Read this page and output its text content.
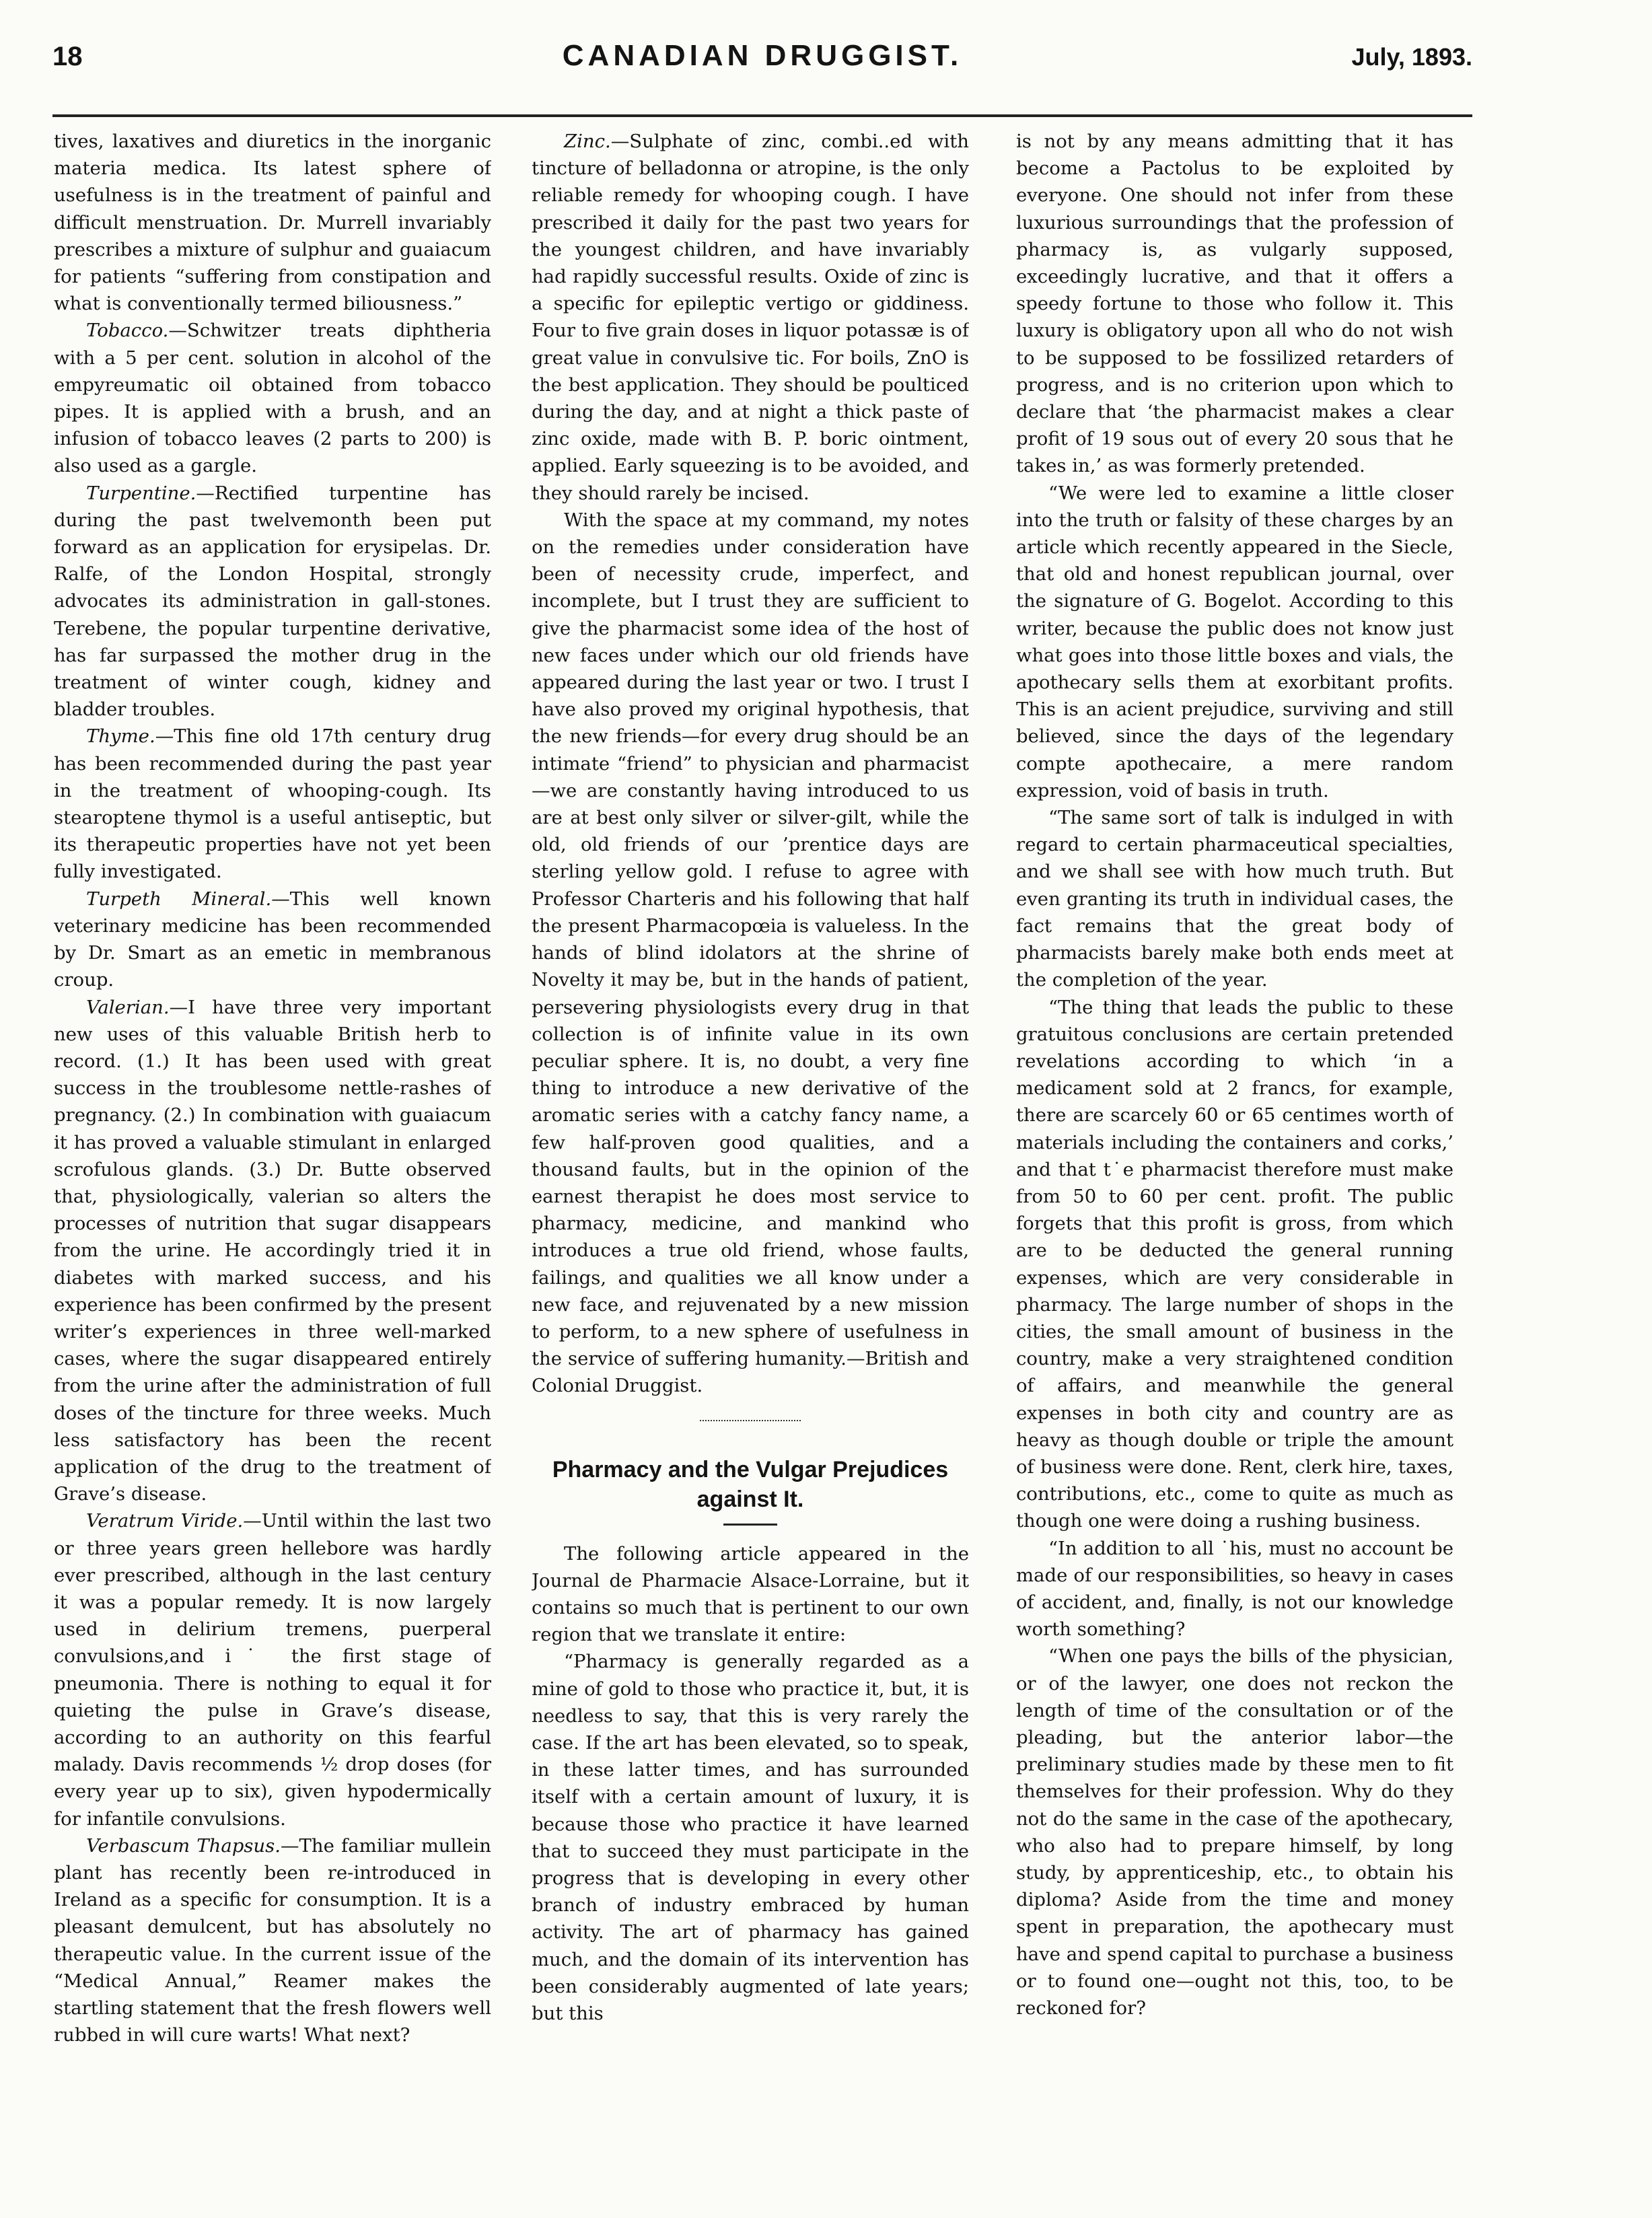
18	CANADIAN DRUGGIST.	July, 1893.

tives, laxatives and diuretics in the inorganic materia medica. Its latest sphere of usefulness is in the treatment of painful and difficult menstruation. Dr. Murrell invariably prescribes a mixture of sulphur and guaiacum for patients “suffering from constipation and what is conventionally termed biliousness.”

Tobacco.—Schwitzer treats diphtheria with a 5 per cent. solution in alcohol of the empyreumatic oil obtained from tobacco pipes. It is applied with a brush, and an infusion of tobacco leaves (2 parts to 200) is also used as a gargle.

Turpentine.—Rectified turpentine has during the past twelvemonth been put forward as an application for erysipelas. Dr. Ralfe, of the London Hospital, strongly advocates its administration in gall-stones. Terebene, the popular turpentine derivative, has far surpassed the mother drug in the treatment of winter cough, kidney and bladder troubles.

Thyme.—This fine old 17th century drug has been recommended during the past year in the treatment of whooping-cough. Its stearoptene thymol is a useful antiseptic, but its therapeutic properties have not yet been fully investigated.

Turpeth Mineral.—This well known veterinary medicine has been recommended by Dr. Smart as an emetic in membranous croup.

Valerian.—I have three very important new uses of this valuable British herb to record. (1.) It has been used with great success in the troublesome nettle-rashes of pregnancy. (2.) In combination with guaiacum it has proved a valuable stimulant in enlarged scrofulous glands. (3.) Dr. Butte observed that, physiologically, valerian so alters the processes of nutrition that sugar disappears from the urine. He accordingly tried it in diabetes with marked success, and his experience has been confirmed by the present writer’s experiences in three well-marked cases, where the sugar disappeared entirely from the urine after the administration of full doses of the tincture for three weeks. Much less satisfactory has been the recent application of the drug to the treatment of Grave’s disease.

Veratrum Viride.—Until within the last two or three years green hellebore was hardly ever prescribed, although in the last century it was a popular remedy. It is now largely used in delirium tremens, puerperal convulsions,and i˙ the first stage of pneumonia. There is nothing to equal it for quieting the pulse in Grave’s disease, according to an authority on this fearful malady. Davis recommends ½ drop doses (for every year up to six), given hypodermically for infantile convulsions.

Verbascum Thapsus.—The familiar mullein plant has recently been re-introduced in Ireland as a specific for consumption. It is a pleasant demulcent, but has absolutely no therapeutic value. In the current issue of the “Medical Annual,” Reamer makes the startling statement that the fresh flowers well rubbed in will cure warts! What next?

Zinc.—Sulphate of zinc, combi..ed with tincture of belladonna or atropine, is the only reliable remedy for whooping cough. I have prescribed it daily for the past two years for the youngest children, and have invariably had rapidly successful results. Oxide of zinc is a specific for epileptic vertigo or giddiness. Four to five grain doses in liquor potassæ is of great value in convulsive tic. For boils, ZnO is the best application. They should be poulticed during the day, and at night a thick paste of zinc oxide, made with B. P. boric ointment, applied. Early squeezing is to be avoided, and they should rarely be incised.

With the space at my command, my notes on the remedies under consideration have been of necessity crude, imperfect, and incomplete, but I trust they are sufficient to give the pharmacist some idea of the host of new faces under which our old friends have appeared during the last year or two. I trust I have also proved my original hypothesis, that the new friends—for every drug should be an intimate “friend” to physician and pharmacist—we are constantly having introduced to us are at best only silver or silver-gilt, while the old, old friends of our ’prentice days are sterling yellow gold. I refuse to agree with Professor Charteris and his following that half the present Pharmacopœia is valueless. In the hands of blind idolators at the shrine of Novelty it may be, but in the hands of patient, persevering physiologists every drug in that collection is of infinite value in its own peculiar sphere. It is, no doubt, a very fine thing to introduce a new derivative of the aromatic series with a catchy fancy name, a few half-proven good qualities, and a thousand faults, but in the opinion of the earnest therapist he does most service to pharmacy, medicine, and mankind who introduces a true old friend, whose faults, failings, and qualities we all know under a new face, and rejuvenated by a new mission to perform, to a new sphere of usefulness in the service of suffering humanity.—British and Colonial Druggist.

Pharmacy and the Vulgar Prejudices against It.

The following article appeared in the Journal de Pharmacie Alsace-Lorraine, but it contains so much that is pertinent to our own region that we translate it entire:

“Pharmacy is generally regarded as a mine of gold to those who practice it, but, it is needless to say, that this is very rarely the case. If the art has been elevated, so to speak, in these latter times, and has surrounded itself with a certain amount of luxury, it is because those who practice it have learned that to succeed they must participate in the progress that is developing in every other branch of industry embraced by human activity. The art of pharmacy has gained much, and the domain of its intervention has been considerably augmented of late years; but this

is not by any means admitting that it has become a Pactolus to be exploited by everyone. One should not infer from these luxurious surroundings that the profession of pharmacy is, as vulgarly supposed, exceedingly lucrative, and that it offers a speedy fortune to those who follow it. This luxury is obligatory upon all who do not wish to be supposed to be fossilized retarders of progress, and is no criterion upon which to declare that ‘the pharmacist makes a clear profit of 19 sous out of every 20 sous that he takes in,’ as was formerly pretended.

“We were led to examine a little closer into the truth or falsity of these charges by an article which recently appeared in the Siecle, that old and honest republican journal, over the signature of G. Bogelot. According to this writer, because the public does not know just what goes into those little boxes and vials, the apothecary sells them at exorbitant profits. This is an acient prejudice, surviving and still believed, since the days of the legendary compte apothecaire, a mere random expression, void of basis in truth.

“The same sort of talk is indulged in with regard to certain pharmaceutical specialties, and we shall see with how much truth. But even granting its truth in individual cases, the fact remains that the great body of pharmacists barely make both ends meet at the completion of the year.

“The thing that leads the public to these gratuitous conclusions are certain pretended revelations according to which ‘in a medicament sold at 2 francs, for example, there are scarcely 60 or 65 centimes worth of materials including the containers and corks,’ and that t˙e pharmacist therefore must make from 50 to 60 per cent. profit. The public forgets that this profit is gross, from which are to be deducted the general running expenses, which are very considerable in pharmacy. The large number of shops in the cities, the small amount of business in the country, make a very straightened condition of affairs, and meanwhile the general expenses in both city and country are as heavy as though double or triple the amount of business were done. Rent, clerk hire, taxes, contributions, etc., come to quite as much as though one were doing a rushing business.

“In addition to all ˙his, must no account be made of our responsibilities, so heavy in cases of accident, and, finally, is not our knowledge worth something?

“When one pays the bills of the physician, or of the lawyer, one does not reckon the length of time of the consultation or of the pleading, but the anterior labor—the preliminary studies made by these men to fit themselves for their profession. Why do they not do the same in the case of the apothecary, who also had to prepare himself, by long study, by apprenticeship, etc., to obtain his diploma? Aside from the time and money spent in preparation, the apothecary must have and spend capital to purchase a business or to found one—ought not this, too, to be reckoned for?
